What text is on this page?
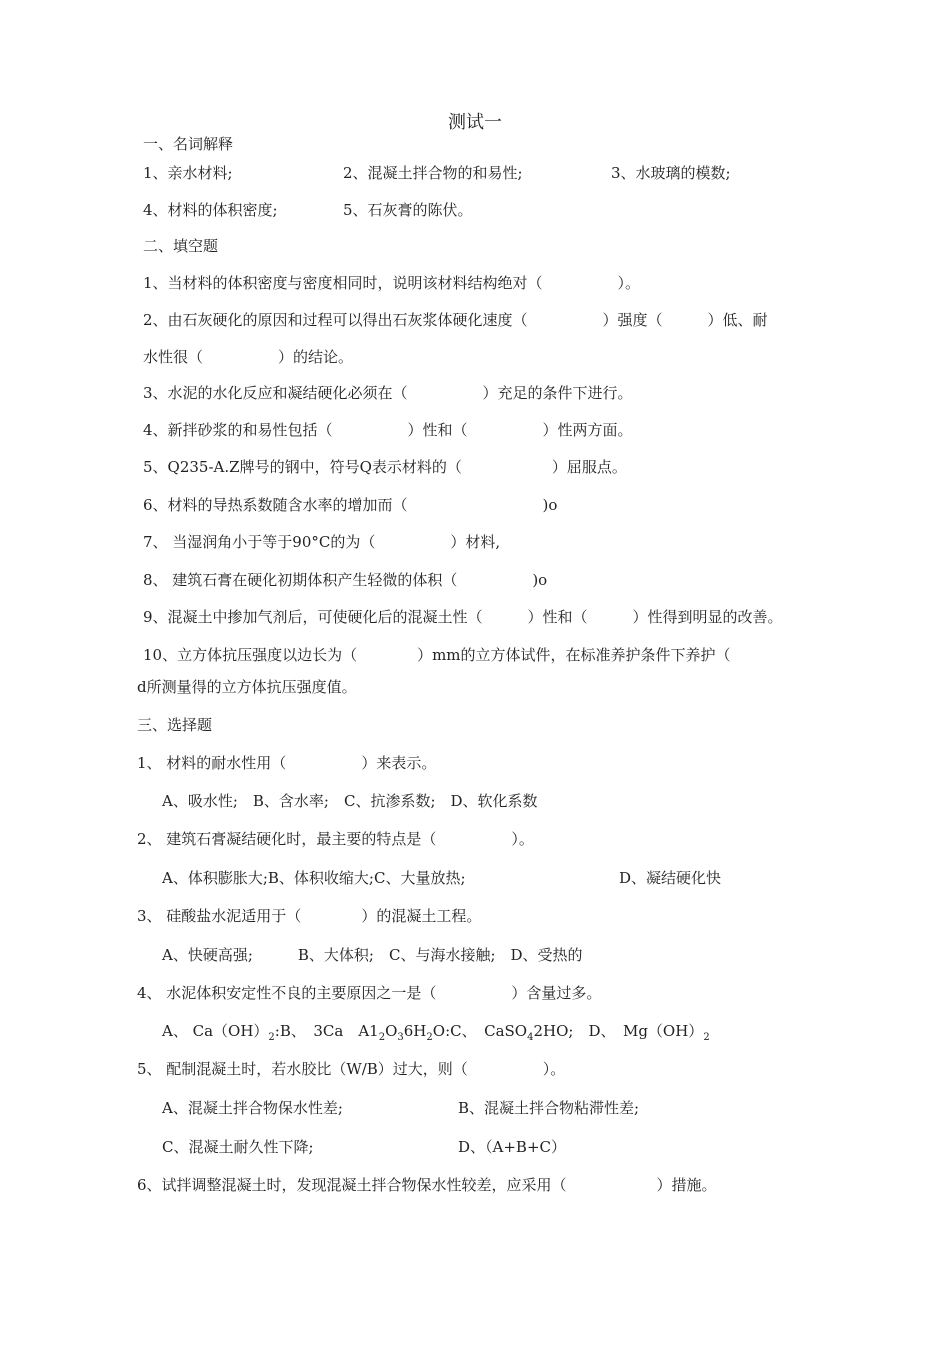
测试一
一、名词解释
1、亲水材料;	2、混凝土拌合物的和易性;	3、水玻璃的模数;
4、材料的体积密度;	5、石灰膏的陈伏。
二、填空题
1、当材料的体积密度与密度相同时，说明该材料结构绝对（　　　　　）。
2、由石灰硬化的原因和过程可以得出石灰浆体硬化速度（　　　　　）强度（　　　）低、耐
水性很（　　　　　）的结论。
3、水泥的水化反应和凝结硬化必须在（　　　　　）充足的条件下进行。
4、新拌砂浆的和易性包括（　　　　　）性和（　　　　　）性两方面。
5、Q235-A.Z牌号的钢中，符号Q表示材料的（　　　　　　）屈服点。
6、材料的导热系数随含水率的增加而（　　　　　　　　　)o
7、 当湿润角小于等于90°C的为（　　　　　）材料,
8、 建筑石膏在硬化初期体积产生轻微的体积（　　　　　)o
9、混凝土中掺加气剂后，可使硬化后的混凝土性（　　　）性和（　　　）性得到明显的改善。
10、立方体抗压强度以边长为（　　　　）mm的立方体试件，在标准养护条件下养护（
d所测量得的立方体抗压强度值。
三、选择题
1、 材料的耐水性用（　　　　　）来表示。
A、吸水性;　B、含水率;　C、抗渗系数;　D、软化系数
2、 建筑石膏凝结硬化时，最主要的特点是（　　　　　）。
A、体积膨胀大;B、体积收缩大;C、大量放热;	D、凝结硬化快
3、 硅酸盐水泥适用于（　　　　）的混凝土工程。
A、快硬高强;　　　B、大体积;　C、与海水接触;　D、受热的
4、 水泥体积安定性不良的主要原因之一是（　　　　　）含量过多。
A、 $Ca(OH)_2:B$、　3Ca　$A1_2O_36H_2O:C$、　CaSO$_4$2HO;　D、　$Mg(OH)_2$
5、 配制混凝土时，若水胶比（W/B）过大，则（　　　　　）。
A、混凝土拌合物保水性差;	B、混凝土拌合物粘滞性差;
C、混凝土耐久性下降;	D、（A+B+C）
6、试拌调整混凝土时，发现混凝土拌合物保水性较差，应采用（　　　　　　）措施。
